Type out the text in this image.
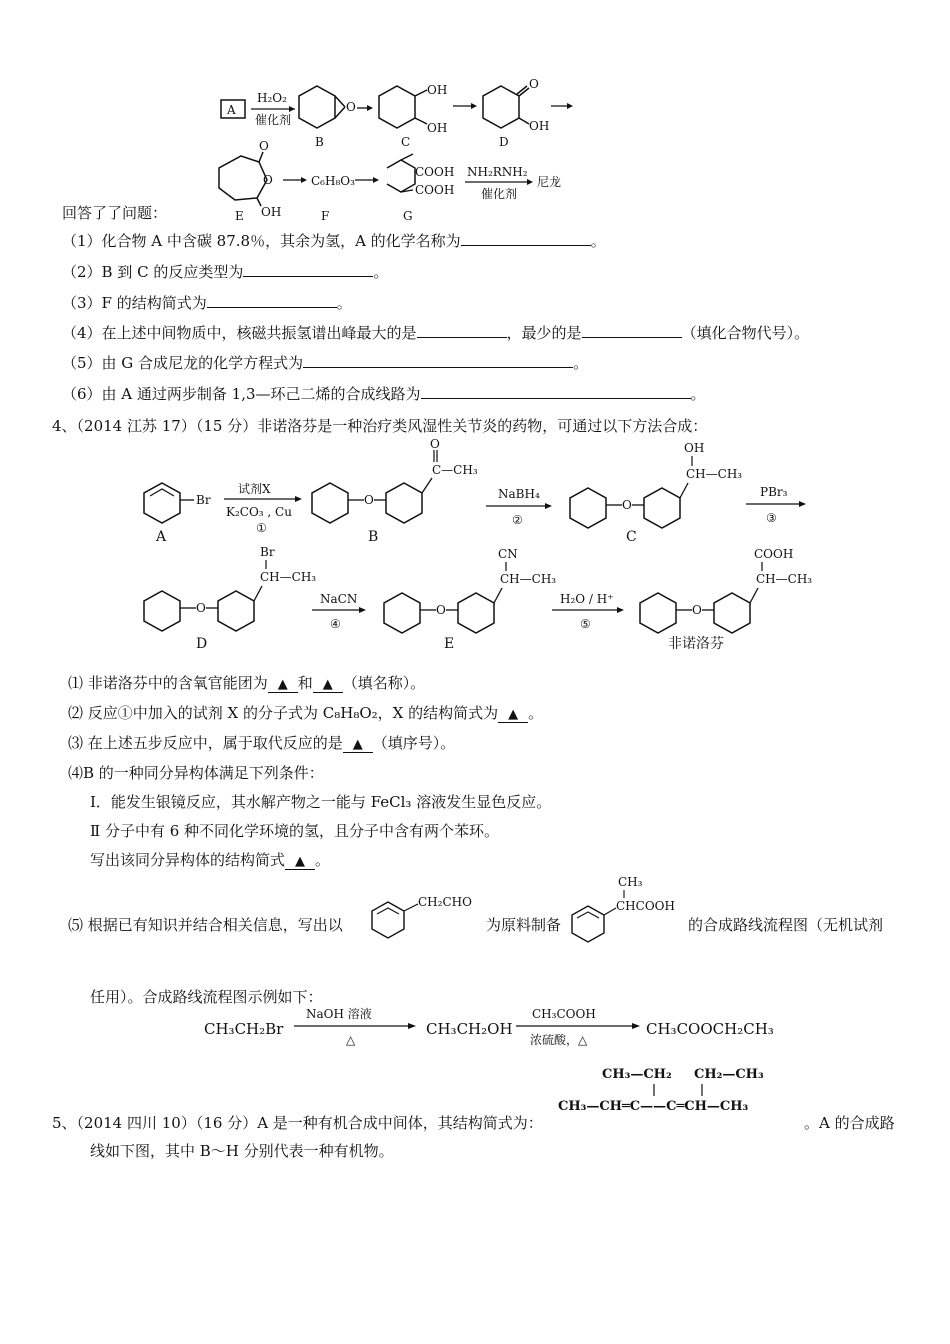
A
H₂O₂
催化剂
O
B
OH
OH
C
O
OH
D
O
O
OH
E
C₆H₈O₃
F
COOH
COOH
G
NH₂RNH₂
催化剂
尼龙
回答了了问题：
（1）化合物 A 中含碳 87.8％，其余为氢，A 的化学名称为	。
（2）B 到 C 的反应类型为	。
（3）F 的结构简式为	。
（4）在上述中间物质中，核磁共振氢谱出峰最大的是	，最少的是	（填化合物代号）。
（5）由 G 合成尼龙的化学方程式为	。
（6）由 A 通过两步制备 1,3—环己二烯的合成线路为	。
4、（2014 江苏 17）（15 分）非诺洛芬是一种治疗类风湿性关节炎的药物，可通过以下方法合成：
Br
A
试剂X
K₂CO₃ , Cu
①
O
C—CH₃
O
B
NaBH₄
②
O
CH—CH₃
OH
C
PBr₃
③
O
CH—CH₃
Br
D
NaCN
④
O
CH—CH₃
CN
E
H₂O / H⁺
⑤
O
CH—CH₃
COOH
非诺洛芬
⑴ 非诺洛芬中的含氧官能团为 ▲ 和 ▲ （填名称）。
⑵ 反应①中加入的试剂 X 的分子式为 C₈H₈O₂，X 的结构简式为 ▲ 。
⑶ 在上述五步反应中，属于取代反应的是 ▲ （填序号）。
⑷B 的一种同分异构体满足下列条件：
Ⅰ．能发生银镜反应，其水解产物之一能与 FeCl₃ 溶液发生显色反应。
Ⅱ 分子中有 6 种不同化学环境的氢，且分子中含有两个苯环。
写出该同分异构体的结构简式 ▲ 。
⑸ 根据已有知识并结合相关信息，写出以
CH₂CHO
为原料制备
CH₃
CHCOOH
的合成路线流程图（无机试剂
任用）。合成路线流程图示例如下：
CH₃CH₂Br
NaOH 溶液
△
CH₃CH₂OH
CH₃COOH
浓硫酸，△
CH₃COOCH₂CH₃
5、（2014 四川 10）（16 分）A 是一种有机合成中间体，其结构简式为：
CH₃—CH₂ CH₂—CH₃
CH₃—CH═C——C═CH—CH₃
。A 的合成路
线如下图，其中 B～H 分别代表一种有机物。
